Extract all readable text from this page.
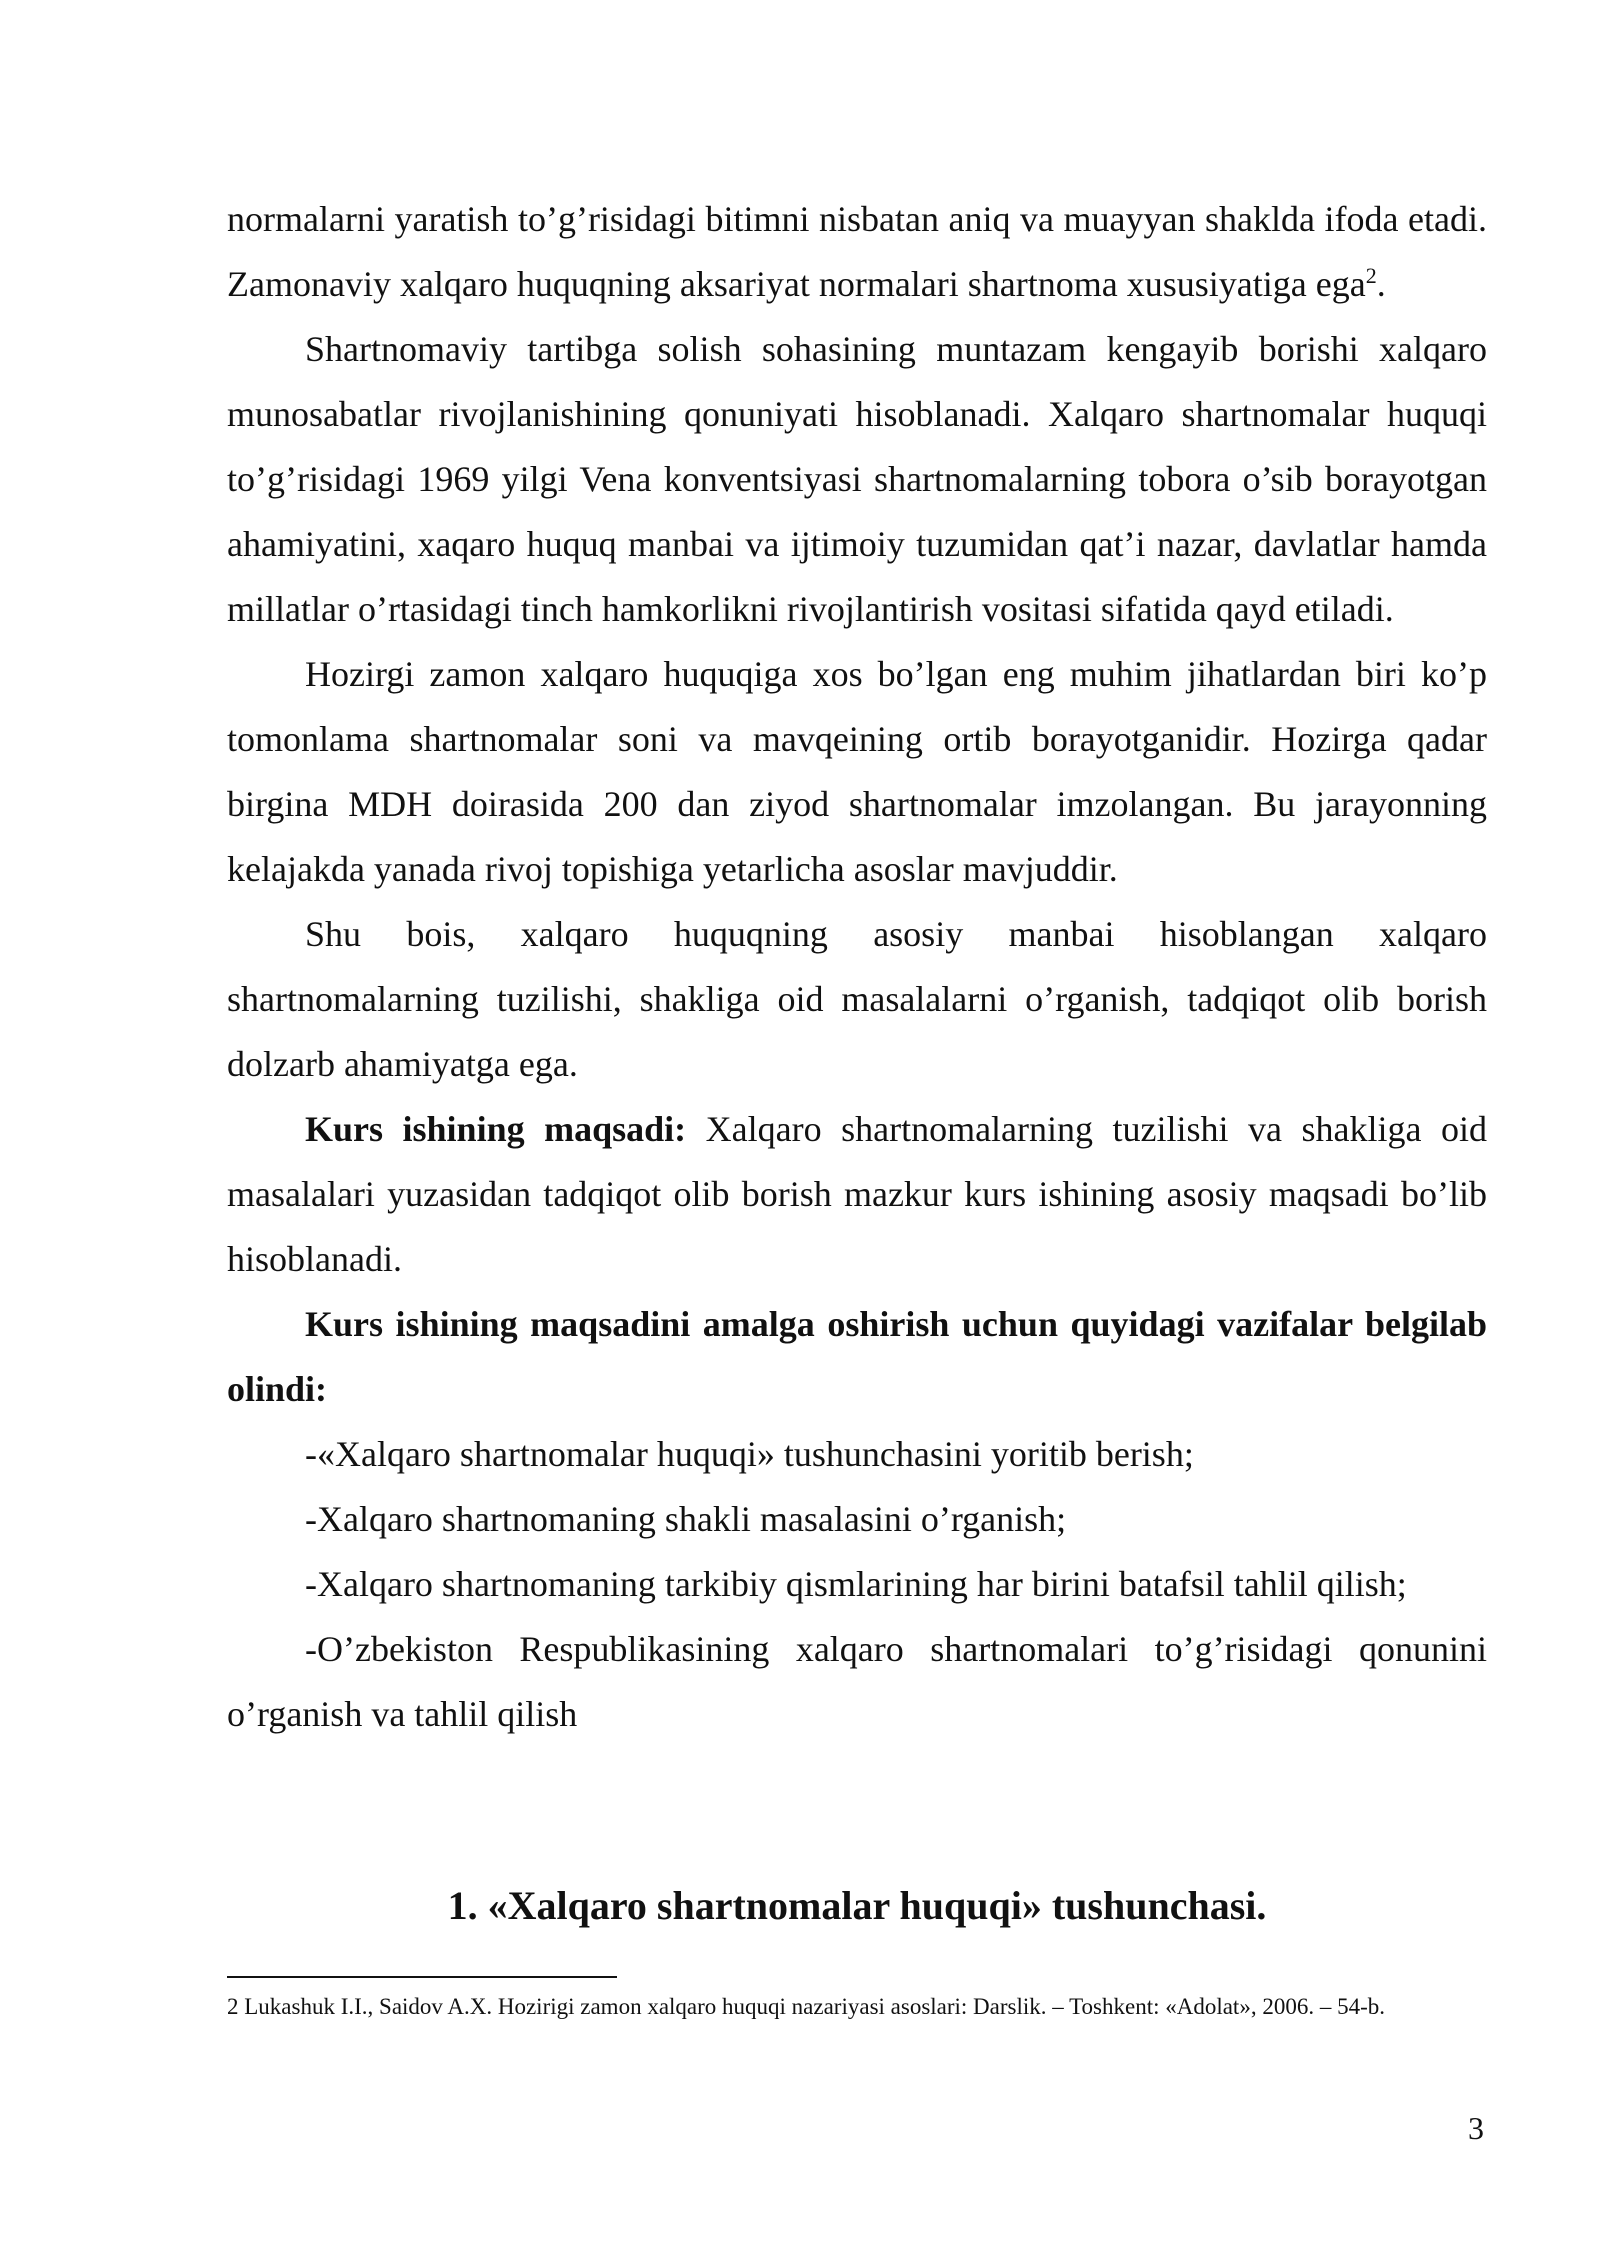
normalarni yaratish to’g’risidagi bitimni nisbatan aniq va muayyan shaklda ifoda etadi. Zamonaviy xalqaro huquqning aksariyat normalari shartnoma xususiyatiga ega$^2$.

Shartnomaviy tartibga solish sohasining muntazam kengayib borishi xalqaro munosabatlar rivojlanishining qonuniyati hisoblanadi. Xalqaro shartnomalar huquqi to’g’risidagi 1969 yilgi Vena konventsiyasi shartnomalarning tobora o’sib borayotgan ahamiyatini, xaqaro huquq manbai va ijtimoiy tuzumidan qat’i nazar, davlatlar hamda millatlar o’rtasidagi tinch hamkorlikni rivojlantirish vositasi sifatida qayd etiladi.

Hozirgi zamon xalqaro huquqiga xos bo’lgan eng muhim jihatlardan biri ko’p tomonlama shartnomalar soni va mavqeining ortib borayotganidir. Hozirga qadar birgina MDH doirasida 200 dan ziyod shartnomalar imzolangan. Bu jarayonning kelajakda yanada rivoj topishiga yetarlicha asoslar mavjuddir.

Shu bois, xalqaro huquqning asosiy manbai hisoblangan xalqaro shartnomalarning tuzilishi, shakliga oid masalalarni o’rganish, tadqiqot olib borish dolzarb ahamiyatga ega.

Kurs ishining maqsadi: Xalqaro shartnomalarning tuzilishi va shakliga oid masalalari yuzasidan tadqiqot olib borish mazkur kurs ishining asosiy maqsadi bo’lib hisoblanadi.

Kurs ishining maqsadini amalga oshirish uchun quyidagi vazifalar belgilab olindi:

-«Xalqaro shartnomalar huquqi» tushunchasini yoritib berish;

-Xalqaro shartnomaning shakli masalasini o’rganish;

-Xalqaro shartnomaning tarkibiy qismlarining har birini batafsil tahlil qilish;

-O’zbekiston Respublikasining xalqaro shartnomalari to’g’risidagi qonunini o’rganish va tahlil qilish

1. «Xalqaro shartnomalar huquqi» tushunchasi.
2 Lukashuk I.I., Saidov A.X. Hozirigi zamon xalqaro huquqi nazariyasi asoslari: Darslik. – Toshkent: «Adolat», 2006. – 54-b.
3
